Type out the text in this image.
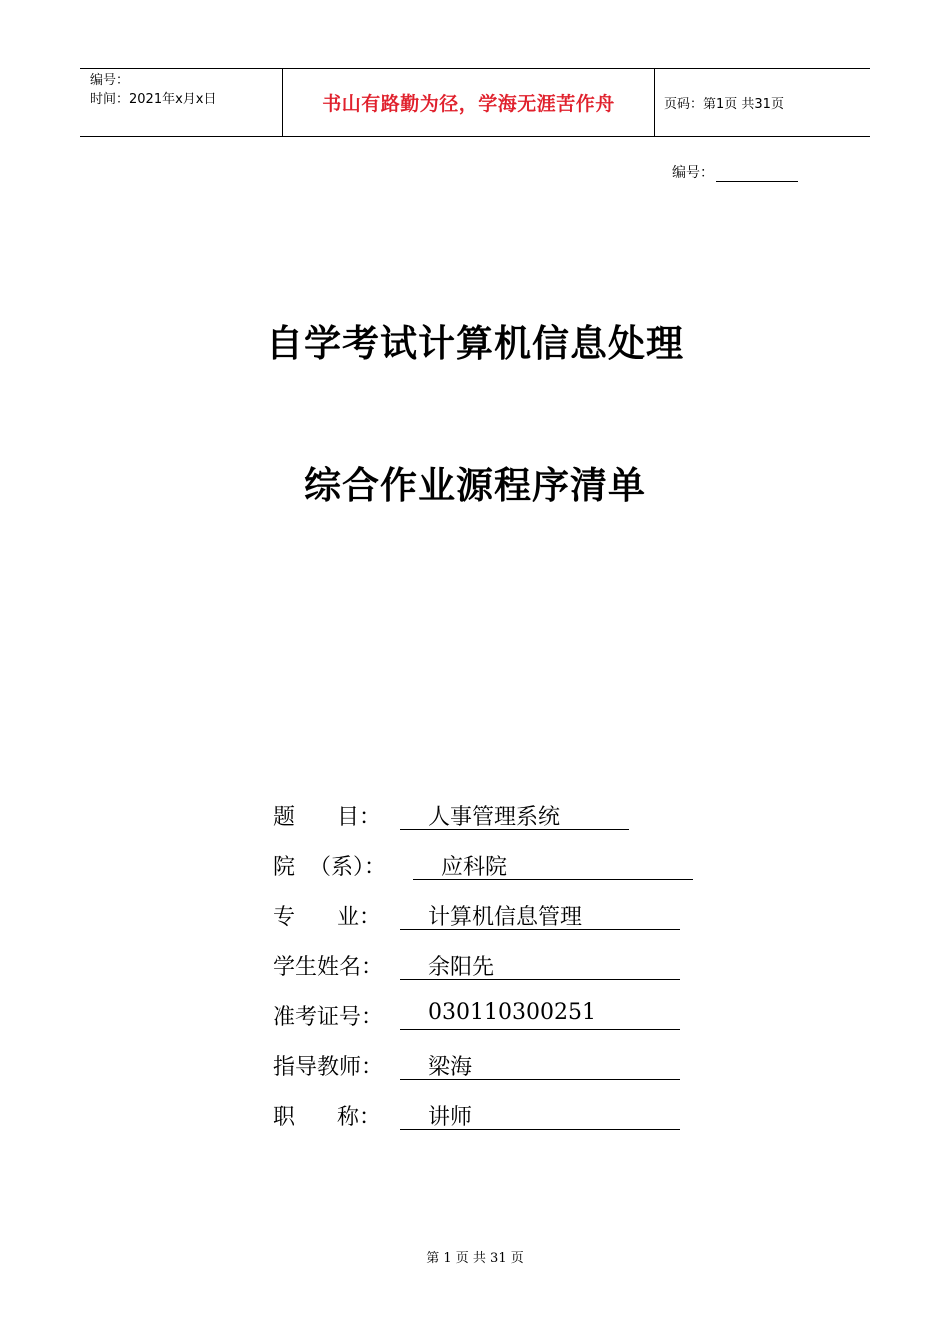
编号：
时间：2021年x月x日	书山有路勤为径，学海无涯苦作舟	页码：第1页 共31页
编号：
自学考试计算机信息处理
综合作业源程序清单
题      目： 人事管理系统
院  （系）： 应科院
专      业： 计算机信息管理
学生姓名： 余阳先
准考证号： 030110300251
指导教师： 梁海
职      称： 讲师
第 1 页 共 31 页
